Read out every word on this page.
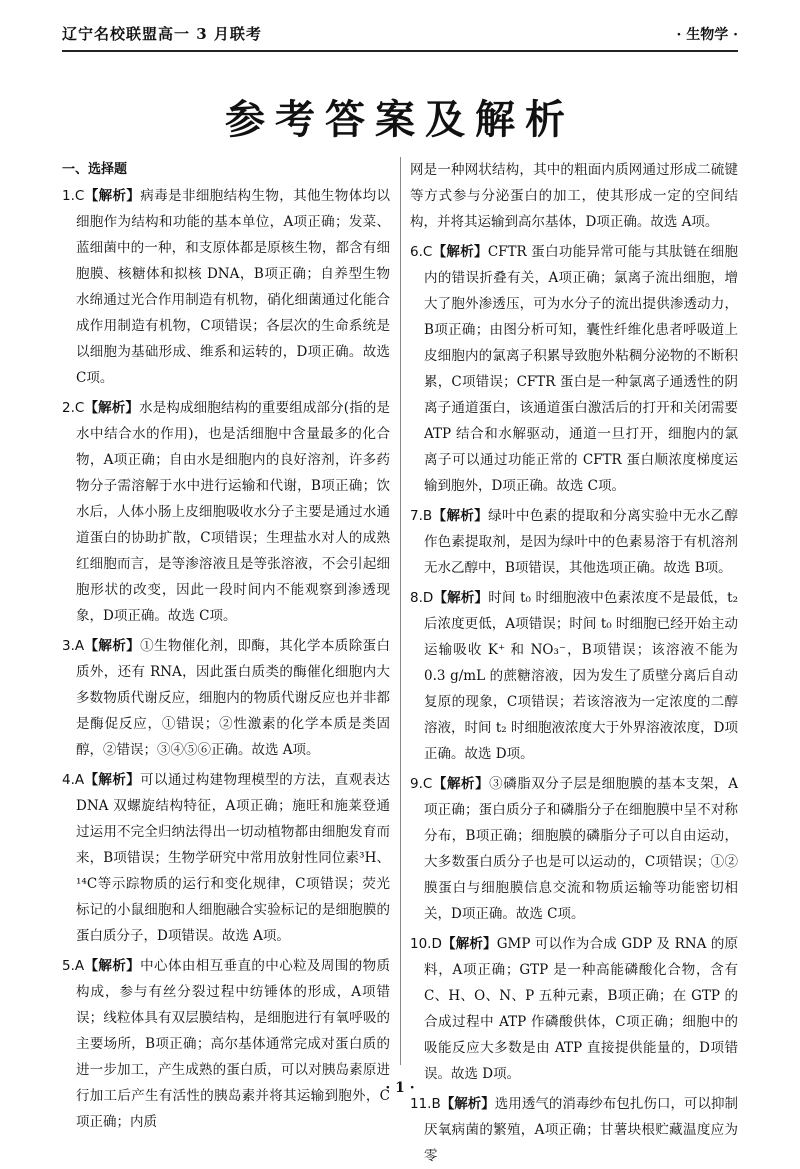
辽宁名校联盟高一 3 月联考	· 生物学 ·
参考答案及解析
一、选择题

1.C【解析】病毒是非细胞结构生物，其他生物体均以细胞作为结构和功能的基本单位，A项正确；发菜、蓝细菌中的一种，和支原体都是原核生物，都含有细胞膜、核糖体和拟核 DNA，B项正确；自养型生物水绵通过光合作用制造有机物，硝化细菌通过化能合成作用制造有机物，C项错误；各层次的生命系统是以细胞为基础形成、维系和运转的，D项正确。故选 C项。

2.C【解析】水是构成细胞结构的重要组成部分(指的是水中结合水的作用)，也是活细胞中含量最多的化合物，A项正确；自由水是细胞内的良好溶剂，许多药物分子需溶解于水中进行运输和代谢，B项正确；饮水后，人体小肠上皮细胞吸收水分子主要是通过水通道蛋白的协助扩散，C项错误；生理盐水对人的成熟红细胞而言，是等渗溶液且是等张溶液，不会引起细胞形状的改变，因此一段时间内不能观察到渗透现象，D项正确。故选 C项。

3.A【解析】①生物催化剂，即酶，其化学本质除蛋白质外，还有 RNA，因此蛋白质类的酶催化细胞内大多数物质代谢反应，细胞内的物质代谢反应也并非都是酶促反应，①错误；②性激素的化学本质是类固醇，②错误；③④⑤⑥正确。故选 A项。

4.A【解析】可以通过构建物理模型的方法，直观表达 DNA 双螺旋结构特征，A项正确；施旺和施莱登通过运用不完全归纳法得出一切动植物都由细胞发育而来，B项错误；生物学研究中常用放射性同位素³H、¹⁴C等示踪物质的运行和变化规律，C项错误；荧光标记的小鼠细胞和人细胞融合实验标记的是细胞膜的蛋白质分子，D项错误。故选 A项。

5.A【解析】中心体由相互垂直的中心粒及周围的物质构成，参与有丝分裂过程中纺锤体的形成，A项错误；线粒体具有双层膜结构，是细胞进行有氧呼吸的主要场所，B项正确；高尔基体通常完成对蛋白质的进一步加工，产生成熟的蛋白质，可以对胰岛素原进行加工后产生有活性的胰岛素并将其运输到胞外，C项正确；内质

网是一种网状结构，其中的粗面内质网通过形成二硫键等方式参与分泌蛋白的加工，使其形成一定的空间结构，并将其运输到高尔基体，D项正确。故选 A项。

6.C【解析】CFTR 蛋白功能异常可能与其肽链在细胞内的错误折叠有关，A项正确；氯离子流出细胞，增大了胞外渗透压，可为水分子的流出提供渗透动力，B项正确；由图分析可知，囊性纤维化患者呼吸道上皮细胞内的氯离子积累导致胞外粘稠分泌物的不断积累，C项错误；CFTR 蛋白是一种氯离子通透性的阴离子通道蛋白，该通道蛋白激活后的打开和关闭需要 ATP 结合和水解驱动，通道一旦打开，细胞内的氯离子可以通过功能正常的 CFTR 蛋白顺浓度梯度运输到胞外，D项正确。故选 C项。

7.B【解析】绿叶中色素的提取和分离实验中无水乙醇作色素提取剂，是因为绿叶中的色素易溶于有机溶剂无水乙醇中，B项错误，其他选项正确。故选 B项。

8.D【解析】时间 t₀ 时细胞液中色素浓度不是最低，t₂ 后浓度更低，A项错误；时间 t₀ 时细胞已经开始主动运输吸收 K⁺ 和 NO₃⁻，B项错误；该溶液不能为 0.3 g/mL 的蔗糖溶液，因为发生了质壁分离后自动复原的现象，C项错误；若该溶液为一定浓度的二醇溶液，时间 t₂ 时细胞液浓度大于外界溶液浓度，D项正确。故选 D项。

9.C【解析】③磷脂双分子层是细胞膜的基本支架，A项正确；蛋白质分子和磷脂分子在细胞膜中呈不对称分布，B项正确；细胞膜的磷脂分子可以自由运动，大多数蛋白质分子也是可以运动的，C项错误；①②膜蛋白与细胞膜信息交流和物质运输等功能密切相关，D项正确。故选 C项。

10.D【解析】GMP 可以作为合成 GDP 及 RNA 的原料，A项正确；GTP 是一种高能磷酸化合物，含有 C、H、O、N、P 五种元素，B项正确；在 GTP 的合成过程中 ATP 作磷酸供体，C项正确；细胞中的吸能反应大多数是由 ATP 直接提供能量的，D项错误。故选 D项。

11.B【解析】选用透气的消毒纱布包扎伤口，可以抑制厌氧病菌的繁殖，A项正确；甘薯块根贮藏温度应为零

· 1 ·
